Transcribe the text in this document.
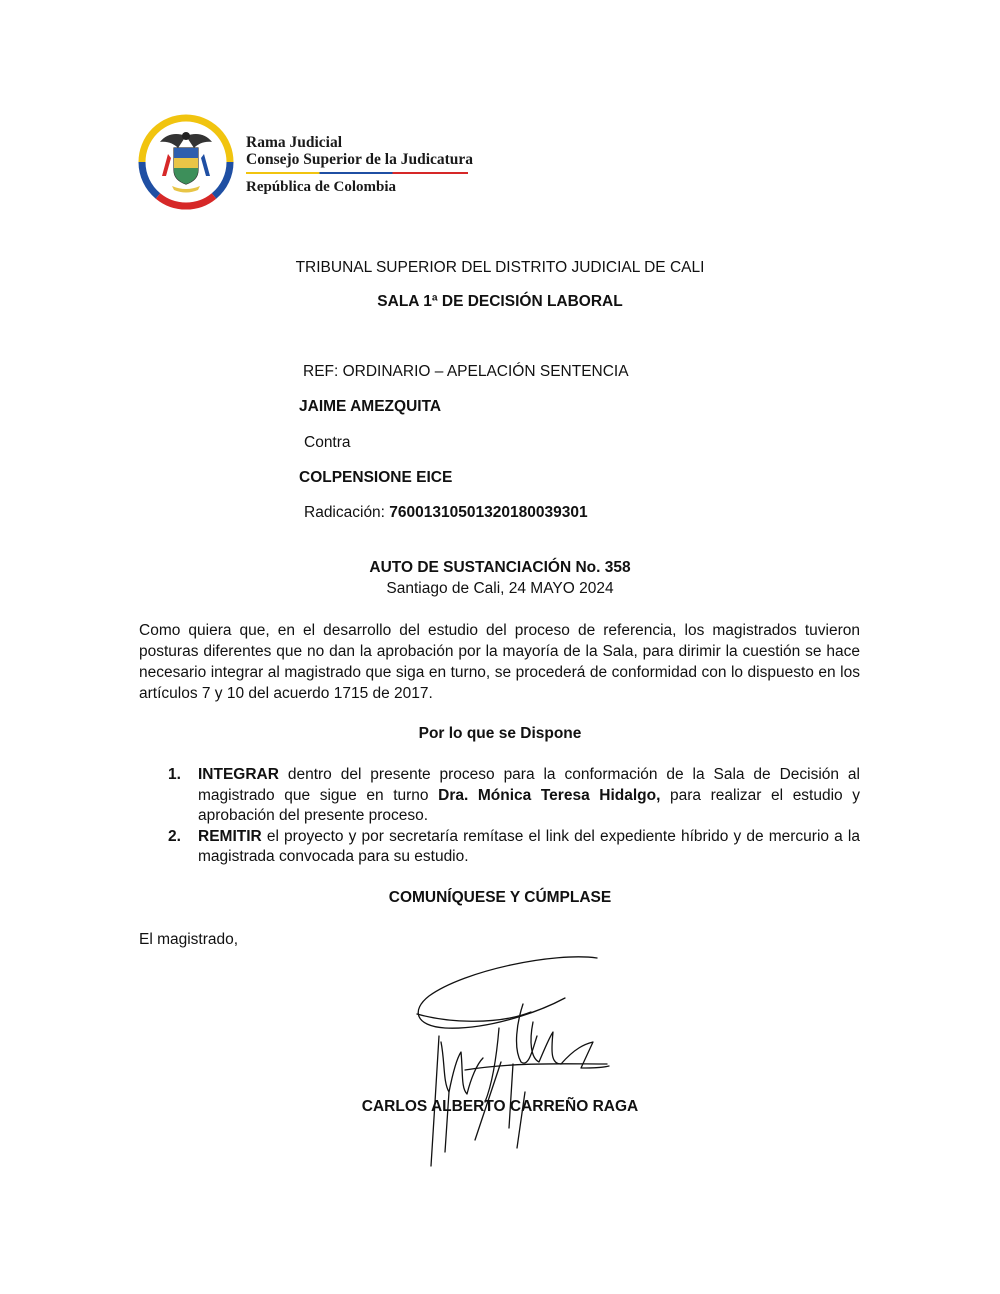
Rama Judicial
Consejo Superior de la Judicatura
República de Colombia
TRIBUNAL SUPERIOR DEL DISTRITO JUDICIAL DE CALI
SALA 1ª DE DECISIÓN LABORAL
REF: ORDINARIO – APELACIÓN SENTENCIA
JAIME AMEZQUITA
Contra
COLPENSIONE EICE
Radicación: 76001310501320180039301
AUTO DE SUSTANCIACIÓN No. 358
Santiago de Cali, 24 MAYO 2024
Como quiera que, en el desarrollo del estudio del proceso de referencia, los magistrados tuvieron posturas diferentes que no dan la aprobación por la mayoría de la Sala, para dirimir la cuestión se hace necesario integrar al magistrado que siga en turno, se procederá de conformidad con lo dispuesto en los artículos 7 y 10 del acuerdo 1715 de 2017.
Por lo que se Dispone
1. INTEGRAR dentro del presente proceso para la conformación de la Sala de Decisión al magistrado que sigue en turno Dra. Mónica Teresa Hidalgo, para realizar el estudio y aprobación del presente proceso.
2. REMITIR el proyecto y por secretaría remítase el link del expediente híbrido y de mercurio a la magistrada convocada para su estudio.
COMUNÍQUESE Y CÚMPLASE
El magistrado,
CARLOS ALBERTO CARREÑO RAGA
